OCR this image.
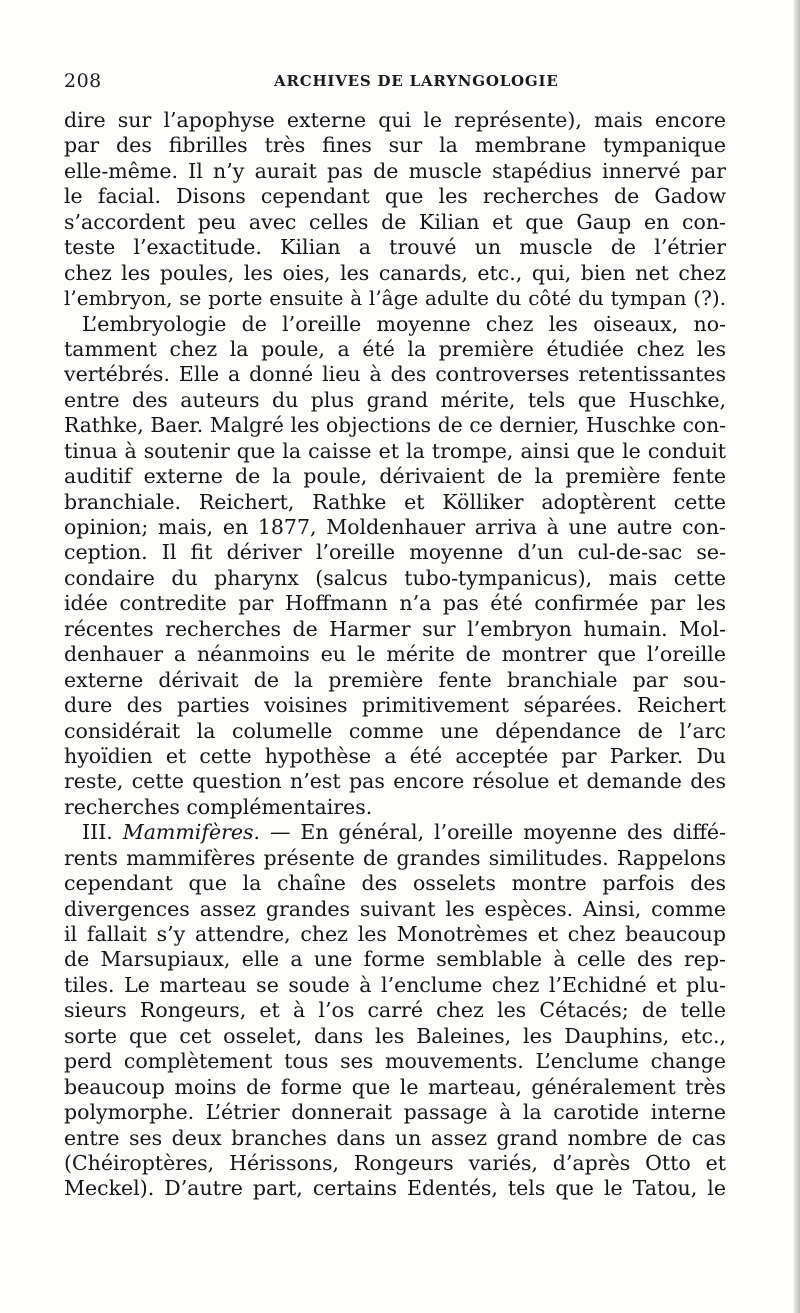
208	ARCHIVES DE LARYNGOLOGIE
dire sur l’apophyse externe qui le représente), mais encore
par des fibrilles très fines sur la membrane tympanique
elle-même. Il n’y aurait pas de muscle stapédius innervé par
le facial. Disons cependant que les recherches de Gadow
s’accordent peu avec celles de Kilian et que Gaup en con-
teste l’exactitude. Kilian a trouvé un muscle de l’étrier
chez les poules, les oies, les canards, etc., qui, bien net chez
l’embryon, se porte ensuite à l’âge adulte du côté du tympan (?).
L’embryologie de l’oreille moyenne chez les oiseaux, no-
tamment chez la poule, a été la première étudiée chez les
vertébrés. Elle a donné lieu à des controverses retentissantes
entre des auteurs du plus grand mérite, tels que Huschke,
Rathke, Baer. Malgré les objections de ce dernier, Huschke con-
tinua à soutenir que la caisse et la trompe, ainsi que le conduit
auditif externe de la poule, dérivaient de la première fente
branchiale. Reichert, Rathke et Kölliker adoptèrent cette
opinion; mais, en 1877, Moldenhauer arriva à une autre con-
ception. Il fit dériver l’oreille moyenne d’un cul-de-sac se-
condaire du pharynx (salcus tubo-tympanicus), mais cette
idée contredite par Hoffmann n’a pas été confirmée par les
récentes recherches de Harmer sur l’embryon humain. Mol-
denhauer a néanmoins eu le mérite de montrer que l’oreille
externe dérivait de la première fente branchiale par sou-
dure des parties voisines primitivement séparées. Reichert
considérait la columelle comme une dépendance de l’arc
hyoïdien et cette hypothèse a été acceptée par Parker. Du
reste, cette question n’est pas encore résolue et demande des
recherches complémentaires.
III. Mammifères. — En général, l’oreille moyenne des diffé-
rents mammifères présente de grandes similitudes. Rappelons
cependant que la chaîne des osselets montre parfois des
divergences assez grandes suivant les espèces. Ainsi, comme
il fallait s’y attendre, chez les Monotrèmes et chez beaucoup
de Marsupiaux, elle a une forme semblable à celle des rep-
tiles. Le marteau se soude à l’enclume chez l’Echidné et plu-
sieurs Rongeurs, et à l’os carré chez les Cétacés; de telle
sorte que cet osselet, dans les Baleines, les Dauphins, etc.,
perd complètement tous ses mouvements. L’enclume change
beaucoup moins de forme que le marteau, généralement très
polymorphe. L’étrier donnerait passage à la carotide interne
entre ses deux branches dans un assez grand nombre de cas
(Chéiroptères, Hérissons, Rongeurs variés, d’après Otto et
Meckel). D’autre part, certains Edentés, tels que le Tatou, le
